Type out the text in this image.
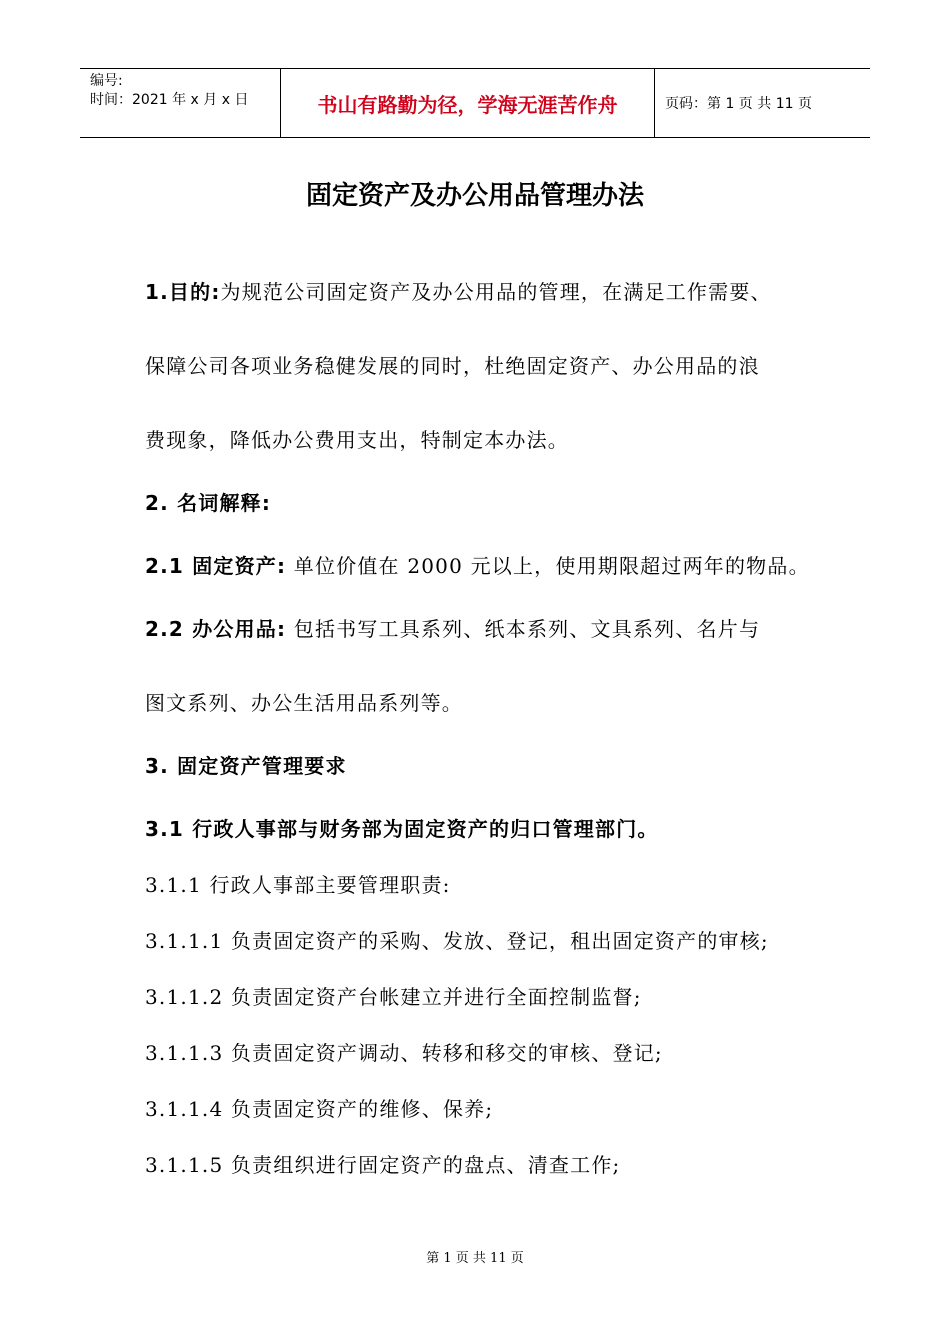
编号:
时间：2021 年 x 月 x 日	书山有路勤为径，学海无涯苦作舟	页码：第 1 页 共 11 页
固定资产及办公用品管理办法
1.目的:为规范公司固定资产及办公用品的管理，在满足工作需要、
保障公司各项业务稳健发展的同时，杜绝固定资产、办公用品的浪
费现象，降低办公费用支出，特制定本办法。
2. 名词解释:
2.1 固定资产: 单位价值在 2000 元以上，使用期限超过两年的物品。
2.2 办公用品: 包括书写工具系列、纸本系列、文具系列、名片与
图文系列、办公生活用品系列等。
3. 固定资产管理要求
3.1 行政人事部与财务部为固定资产的归口管理部门。
3.1.1 行政人事部主要管理职责:
3.1.1.1 负责固定资产的采购、发放、登记，租出固定资产的审核;
3.1.1.2 负责固定资产台帐建立并进行全面控制监督;
3.1.1.3 负责固定资产调动、转移和移交的审核、登记;
3.1.1.4 负责固定资产的维修、保养;
3.1.1.5 负责组织进行固定资产的盘点、清查工作;
第 1 页 共 11 页
